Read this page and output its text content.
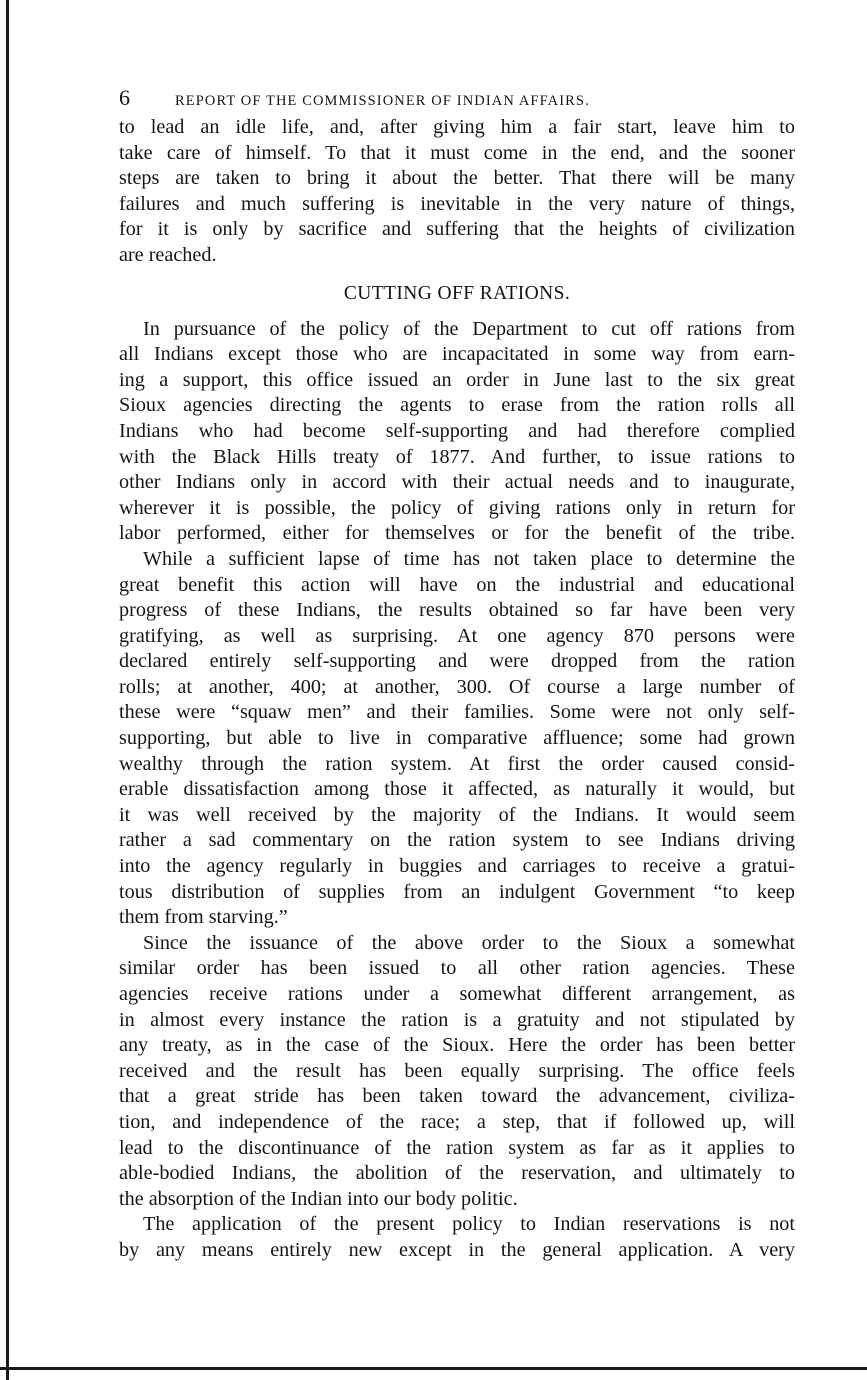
6	REPORT OF THE COMMISSIONER OF INDIAN AFFAIRS.

to lead an idle life, and, after giving him a fair start, leave him to
take care of himself. To that it must come in the end, and the sooner
steps are taken to bring it about the better. That there will be many
failures and much suffering is inevitable in the very nature of things,
for it is only by sacrifice and suffering that the heights of civilization
are reached.

CUTTING OFF RATIONS.

In pursuance of the policy of the Department to cut off rations from
all Indians except those who are incapacitated in some way from earn-
ing a support, this office issued an order in June last to the six great
Sioux agencies directing the agents to erase from the ration rolls all
Indians who had become self-supporting and had therefore complied
with the Black Hills treaty of 1877. And further, to issue rations to
other Indians only in accord with their actual needs and to inaugurate,
wherever it is possible, the policy of giving rations only in return for
labor performed, either for themselves or for the benefit of the tribe.

While a sufficient lapse of time has not taken place to determine the
great benefit this action will have on the industrial and educational
progress of these Indians, the results obtained so far have been very
gratifying, as well as surprising. At one agency 870 persons were
declared entirely self-supporting and were dropped from the ration
rolls; at another, 400; at another, 300. Of course a large number of
these were “squaw men” and their families. Some were not only self-
supporting, but able to live in comparative affluence; some had grown
wealthy through the ration system. At first the order caused consid-
erable dissatisfaction among those it affected, as naturally it would, but
it was well received by the majority of the Indians. It would seem
rather a sad commentary on the ration system to see Indians driving
into the agency regularly in buggies and carriages to receive a gratui-
tous distribution of supplies from an indulgent Government “to keep
them from starving.”

Since the issuance of the above order to the Sioux a somewhat
similar order has been issued to all other ration agencies. These
agencies receive rations under a somewhat different arrangement, as
in almost every instance the ration is a gratuity and not stipulated by
any treaty, as in the case of the Sioux. Here the order has been better
received and the result has been equally surprising. The office feels
that a great stride has been taken toward the advancement, civiliza-
tion, and independence of the race; a step, that if followed up, will
lead to the discontinuance of the ration system as far as it applies to
able-bodied Indians, the abolition of the reservation, and ultimately to
the absorption of the Indian into our body politic.

The application of the present policy to Indian reservations is not
by any means entirely new except in the general application. A very
